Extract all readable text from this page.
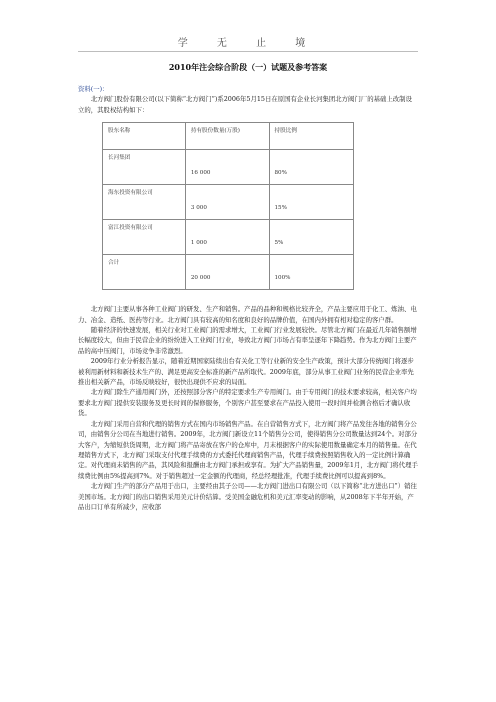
学 无 止 境
2010年注会综合阶段（一）试题及参考答案

资料(一)：

北方阀门股份有限公司(以下简称“北方阀门”)系2006年5月15日在原国有企业长河集团北方阀门厂的基础上改制设立的，其股权结构如下：

股东名称	持有股份数量(万股)	持股比例
长河集团	16 000	80%

海东投资有限公司	3 000	15%

富江投资有限公司	1 000	5%

合计	20 000	100%

北方阀门主要从事各种工业阀门的研发、生产和销售。产品的品种和规格比较齐全，产品主要应用于化工、炼油、电力、冶金、造纸、医药等行业。北方阀门具有较高的知名度和良好的品牌价值，在国内外拥有相对稳定的客户群。

随着经济的快速发展，相关行业对工业阀门的需求增大，工业阀门行业发展较快。尽管北方阀门在最近几年销售额增长幅度较大，但由于民营企业的纷纷进入工业阀门行业，导致北方阀门市场占有率呈逐年下降趋势。作为北方阀门主要产品的高中压阀门，市场竞争非常激烈。

2009年行业分析报告显示，随着近期国家陆续出台有关化工等行业新的安全生产政策，预计大部分传统阀门将逐步被利用新材料和新技术生产的、满足更高安全标准的新产品所取代。2009年底，部分从事工业阀门业务的民营企业率先推出相关新产品，市场反映较好，很快出现供不应求的局面。

北方阀门除生产通用阀门外，还按照部分客户的特定要求生产专用阀门。由于专用阀门的技术要求较高，相关客户均要求北方阀门提供安装服务及更长时间的保修服务，个别客户甚至要求在产品投入使用一段时间并检测合格后才确认收货。

北方阀门采用自营和代理的销售方式在国内市场销售产品。在自营销售方式下，北方阀门将产品发往各地的销售分公司，由销售分公司在当地进行销售。2009年，北方阀门新设立11个销售分公司，使得销售分公司数量达到24个。对部分大客户，为缩短供货周期，北方阀门将产品寄放在客户的仓库中，月末根据客户的实际使用数量确定本月的销售量。在代理销售方式下，北方阀门采取支付代理手续费的方式委托代理商销售产品，代理手续费按照销售收入的一定比例计算确定。对代理商未销售的产品，其风险和报酬由北方阀门承担或享有。为扩大产品销售量，2009年1月，北方阀门将代理手续费比例由5%提高到7%。对于销售超过一定金额的代理商，经总经理批准，代理手续费比例可以提高到8%。

北方阀门生产的部分产品用于出口，主要经由其子公司——北方阀门进出口有限公司（以下简称“北方进出口”）销往美国市场。北方阀门的出口销售采用美元计价结算。受美国金融危机和美元汇率变动的影响，从2008年下半年开始，产品出口订单有所减少，应收部
